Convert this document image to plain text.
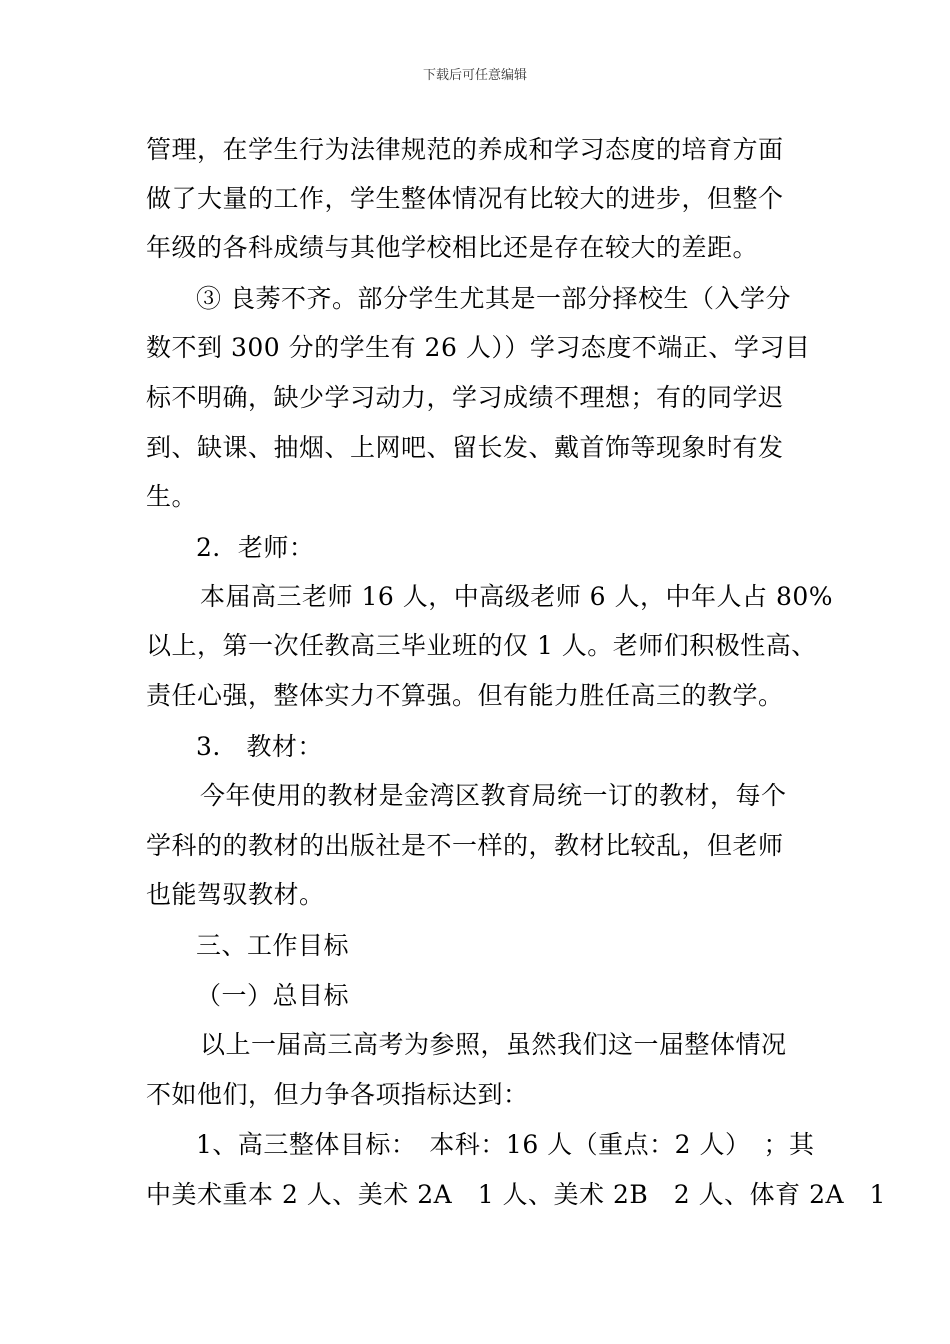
下载后可任意编辑
管理，在学生行为法律规范的养成和学习态度的培育方面
做了大量的工作，学生整体情况有比较大的进步，但整个
年级的各科成绩与其他学校相比还是存在较大的差距。
③ 良莠不齐。部分学生尤其是一部分择校生（入学分
数不到 300 分的学生有 26 人））学习态度不端正、学习目
标不明确，缺少学习动力，学习成绩不理想；有的同学迟
到、缺课、抽烟、上网吧、留长发、戴首饰等现象时有发
生。
2．老师：
本届高三老师 16 人，中高级老师 6 人，中年人占 80%
以上，第一次任教高三毕业班的仅 1 人。老师们积极性高、
责任心强，整体实力不算强。但有能力胜任高三的教学。
3.　教材：
今年使用的教材是金湾区教育局统一订的教材，每个
学科的的教材的出版社是不一样的，教材比较乱，但老师
也能驾驭教材。
三、工作目标
（一）总目标
以上一届高三高考为参照，虽然我们这一届整体情况
不如他们，但力争各项指标达到：
1、高三整体目标：　本科：16 人（重点：2 人）　；其
中美术重本 2 人、美术 2A　1 人、美术 2B　2 人、体育 2A　1
